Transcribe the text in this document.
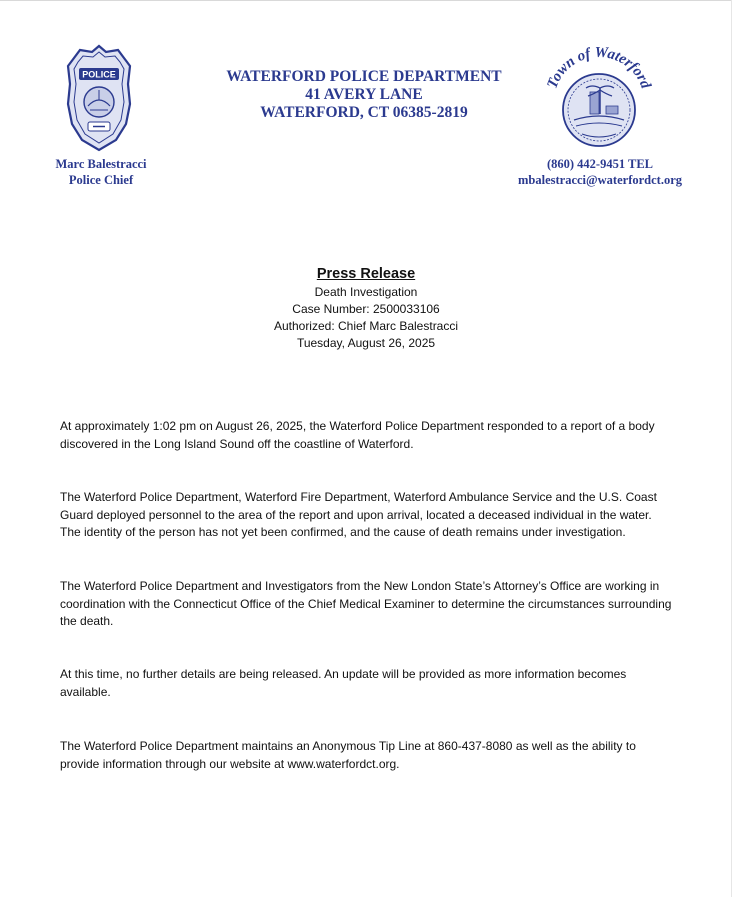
POLICE	WATERFORD POLICE DEPARTMENT
41 AVERY LANE
WATERFORD, CT 06385-2819
Town of Waterford
Marc Balestracci
Police Chief
(860) 442-9451 TEL
mbalestracci@waterfordct.org
Press Release
Death Investigation
Case Number: 2500033106
Authorized: Chief Marc Balestracci
Tuesday, August 26, 2025

At approximately 1:02 pm on August 26, 2025, the Waterford Police Department responded to a report of a body discovered in the Long Island Sound off the coastline of Waterford.

The Waterford Police Department, Waterford Fire Department, Waterford Ambulance Service and the U.S. Coast Guard deployed personnel to the area of the report and upon arrival, located a deceased individual in the water. The identity of the person has not yet been confirmed, and the cause of death remains under investigation.

The Waterford Police Department and Investigators from the New London State’s Attorney’s Office are working in coordination with the Connecticut Office of the Chief Medical Examiner to determine the circumstances surrounding the death.

At this time, no further details are being released. An update will be provided as more information becomes available.

The Waterford Police Department maintains an Anonymous Tip Line at 860-437-8080 as well as the ability to provide information through our website at www.waterfordct.org.
